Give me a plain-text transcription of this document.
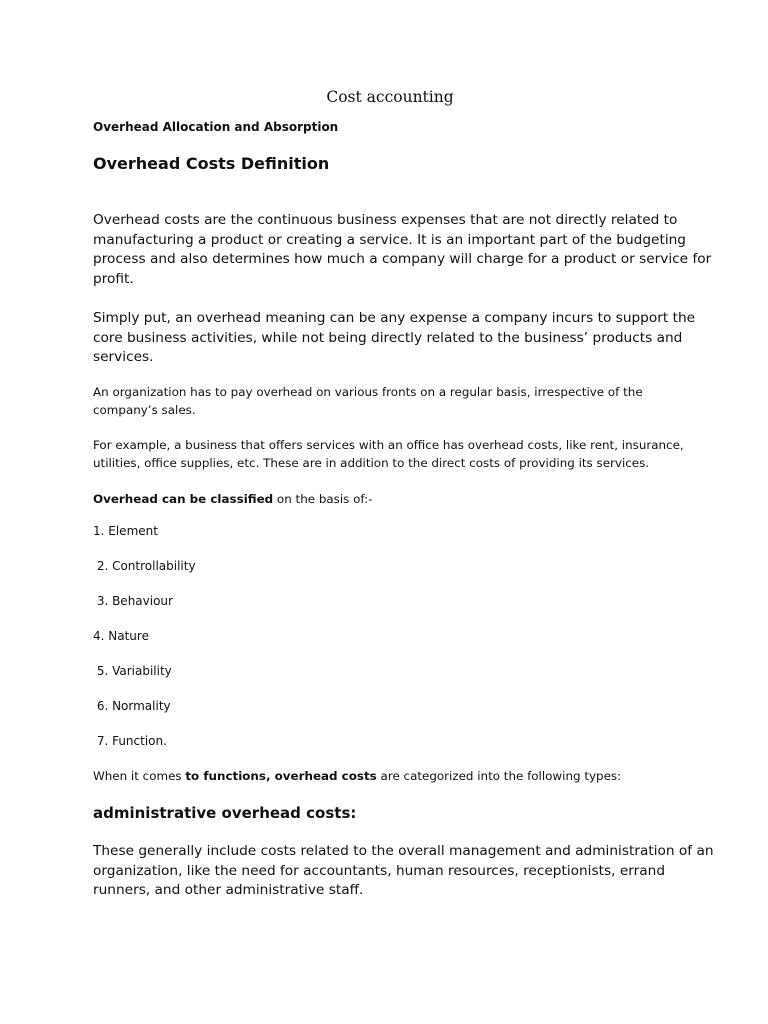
Cost accounting

Overhead Allocation and Absorption

Overhead Costs Definition

Overhead costs are the continuous business expenses that are not directly related to
manufacturing a product or creating a service. It is an important part of the budgeting
process and also determines how much a company will charge for a product or service for
profit.
Simply put, an overhead meaning can be any expense a company incurs to support the
core business activities, while not being directly related to the business’ products and
services.
An organization has to pay overhead on various fronts on a regular basis, irrespective of the
company’s sales.
For example, a business that offers services with an office has overhead costs, like rent, insurance,
utilities, office supplies, etc. These are in addition to the direct costs of providing its services.

Overhead can be classified on the basis of:-

1. Element

2. Controllability

3. Behaviour

4. Nature

5. Variability

6. Normality

7. Function.

When it comes to functions, overhead costs are categorized into the following types:

administrative overhead costs:

These generally include costs related to the overall management and administration of an
organization, like the need for accountants, human resources, receptionists, errand
runners, and other administrative staff.
